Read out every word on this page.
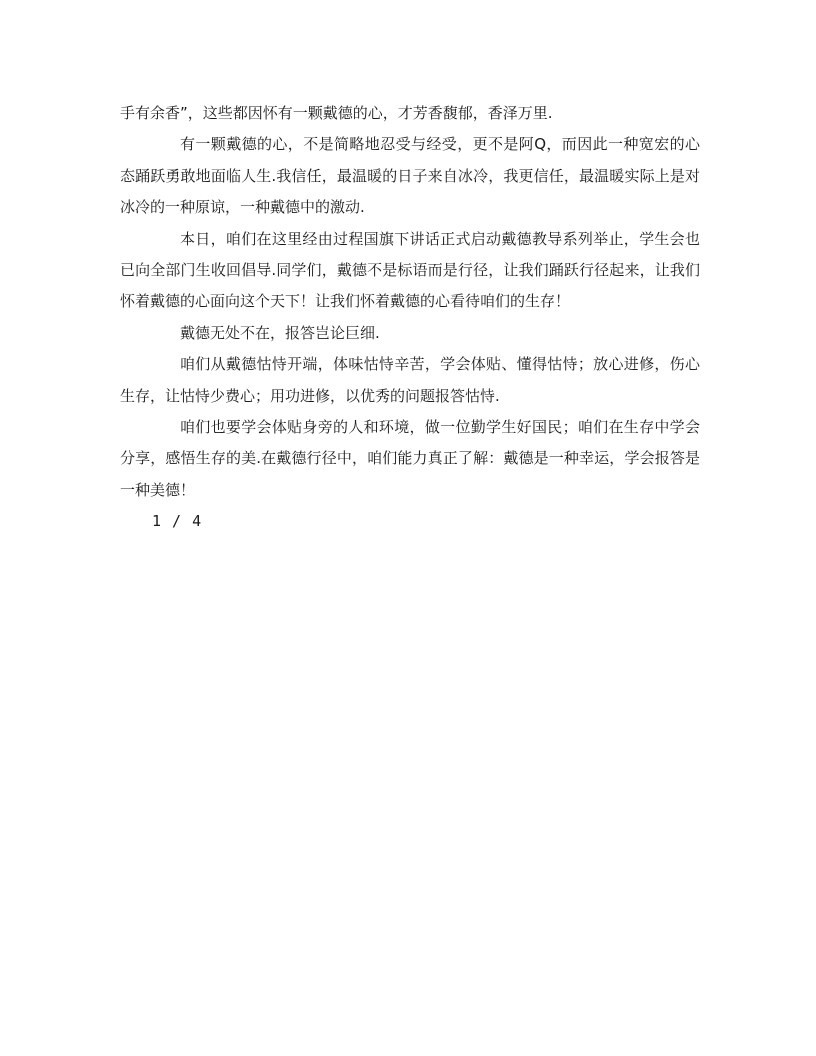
手有余香”，这些都因怀有一颗戴德的心，才芳香馥郁，香泽万里.

有一颗戴德的心，不是简略地忍受与经受，更不是阿Q，而因此一种宽宏的心态踊跃勇敢地面临人生.我信任，最温暖的日子来自冰冷，我更信任，最温暖实际上是对冰冷的一种原谅，一种戴德中的激动.

本日，咱们在这里经由过程国旗下讲话正式启动戴德教导系列举止，学生会也已向全部门生收回倡导.同学们，戴德不是标语而是行径，让我们踊跃行径起来，让我们怀着戴德的心面向这个天下！让我们怀着戴德的心看待咱们的生存！

戴德无处不在，报答岂论巨细.

咱们从戴德怙恃开端，体味怙恃辛苦，学会体贴、懂得怙恃；放心进修，伤心生存，让怙恃少费心；用功进修，以优秀的问题报答怙恃.

咱们也要学会体贴身旁的人和环境，做一位勤学生好国民；咱们在生存中学会分享，感悟生存的美.在戴德行径中，咱们能力真正了解：戴德是一种幸运，学会报答是一种美德！

1 / 4
